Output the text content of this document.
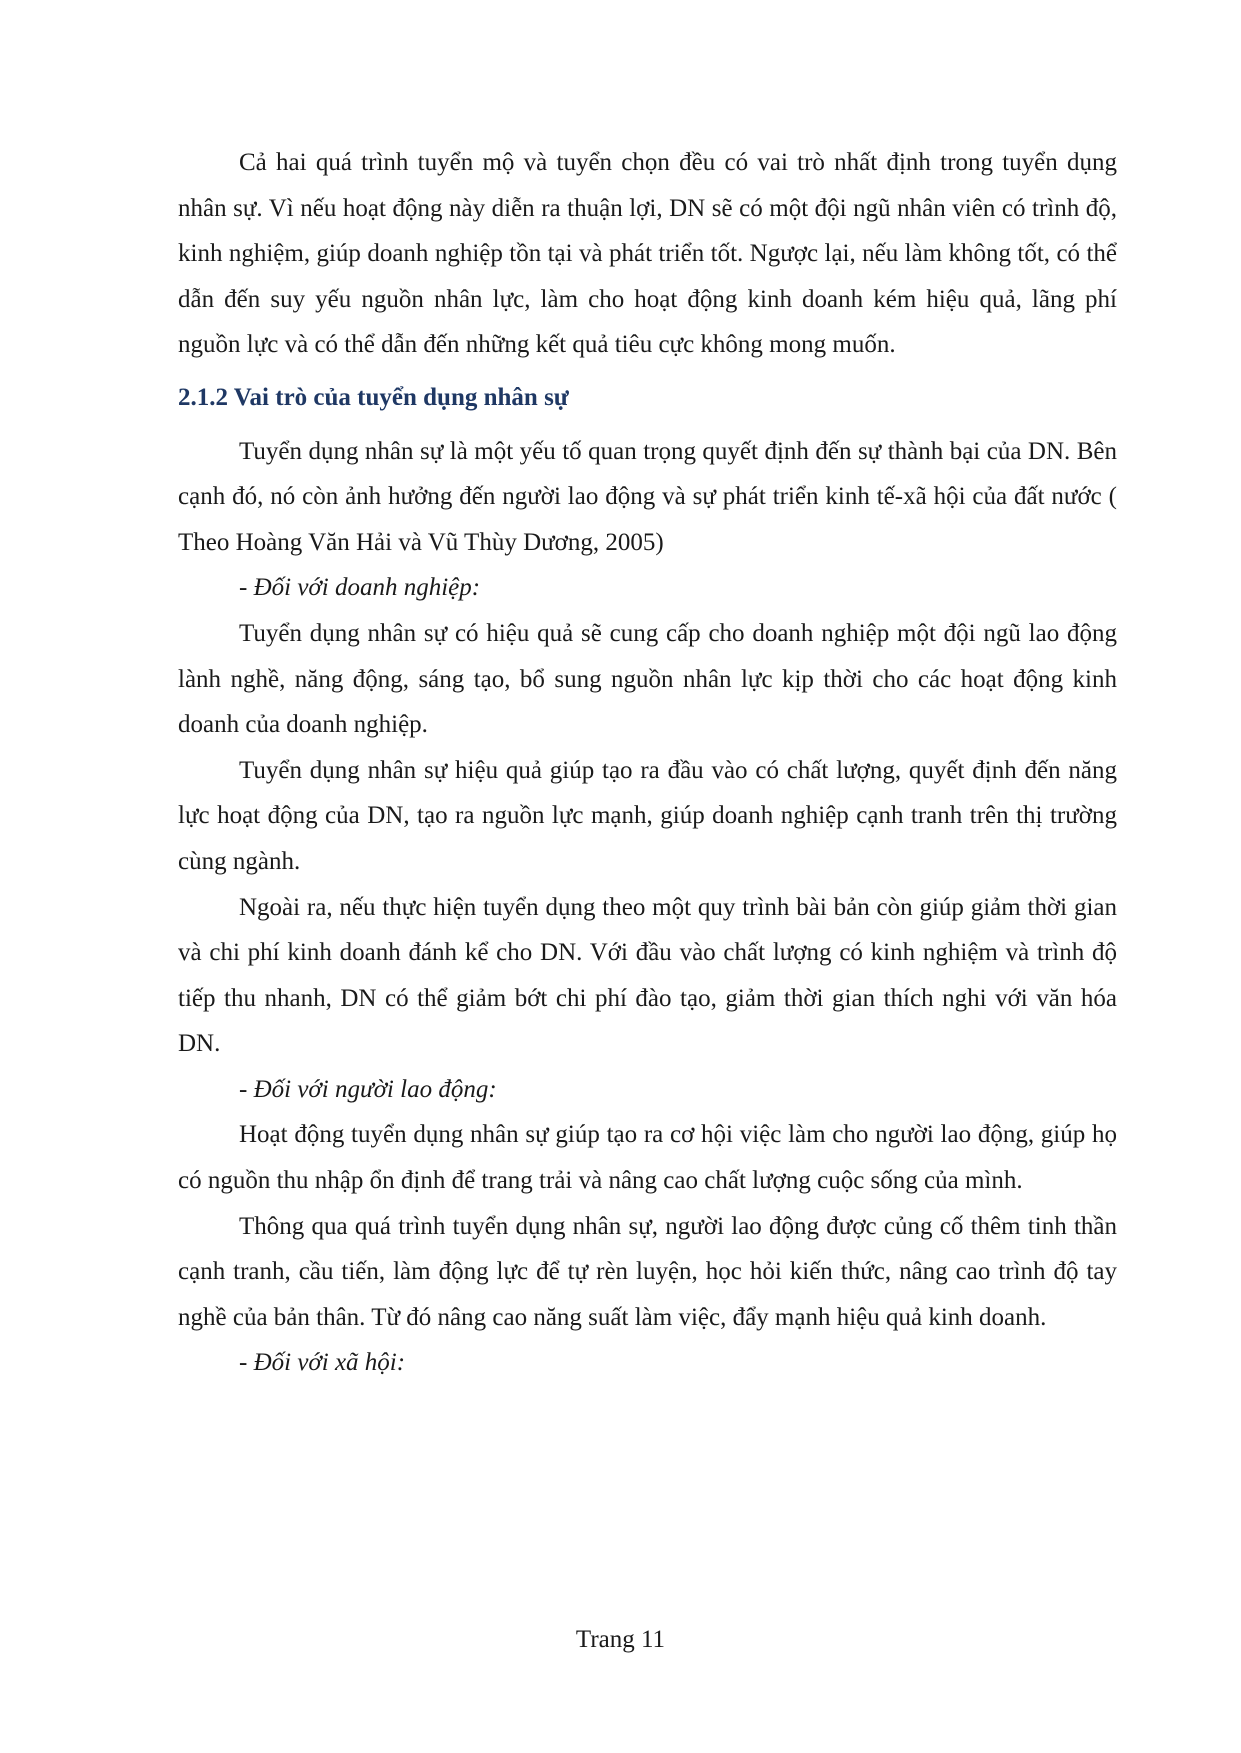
Cả hai quá trình tuyển mộ và tuyển chọn đều có vai trò nhất định trong tuyển dụng nhân sự. Vì nếu hoạt động này diễn ra thuận lợi, DN sẽ có một đội ngũ nhân viên có trình độ, kinh nghiệm, giúp doanh nghiệp tồn tại và phát triển tốt. Ngược lại, nếu làm không tốt, có thể dẫn đến suy yếu nguồn nhân lực, làm cho hoạt động kinh doanh kém hiệu quả, lãng phí nguồn lực và có thể dẫn đến những kết quả tiêu cực không mong muốn.

2.1.2 Vai trò của tuyển dụng nhân sự

Tuyển dụng nhân sự là một yếu tố quan trọng quyết định đến sự thành bại của DN. Bên cạnh đó, nó còn ảnh hưởng đến người lao động và sự phát triển kinh tế-xã hội của đất nước ( Theo Hoàng Văn Hải và Vũ Thùy Dương, 2005)

- Đối với doanh nghiệp:

Tuyển dụng nhân sự có hiệu quả sẽ cung cấp cho doanh nghiệp một đội ngũ lao động lành nghề, năng động, sáng tạo, bổ sung nguồn nhân lực kịp thời cho các hoạt động kinh doanh của doanh nghiệp.

Tuyển dụng nhân sự hiệu quả giúp tạo ra đầu vào có chất lượng, quyết định đến năng lực hoạt động của DN, tạo ra nguồn lực mạnh, giúp doanh nghiệp cạnh tranh trên thị trường cùng ngành.

Ngoài ra, nếu thực hiện tuyển dụng theo một quy trình bài bản còn giúp giảm thời gian và chi phí kinh doanh đánh kể cho DN. Với đầu vào chất lượng có kinh nghiệm và trình độ tiếp thu nhanh, DN có thể giảm bớt chi phí đào tạo, giảm thời gian thích nghi với văn hóa DN.

- Đối với người lao động:

Hoạt động tuyển dụng nhân sự giúp tạo ra cơ hội việc làm cho người lao động, giúp họ có nguồn thu nhập ổn định để trang trải và nâng cao chất lượng cuộc sống của mình.

Thông qua quá trình tuyển dụng nhân sự, người lao động được củng cố thêm tinh thần cạnh tranh, cầu tiến, làm động lực để tự rèn luyện, học hỏi kiến thức, nâng cao trình độ tay nghề của bản thân. Từ đó nâng cao năng suất làm việc, đẩy mạnh hiệu quả kinh doanh.

- Đối với xã hội:

Trang 11
